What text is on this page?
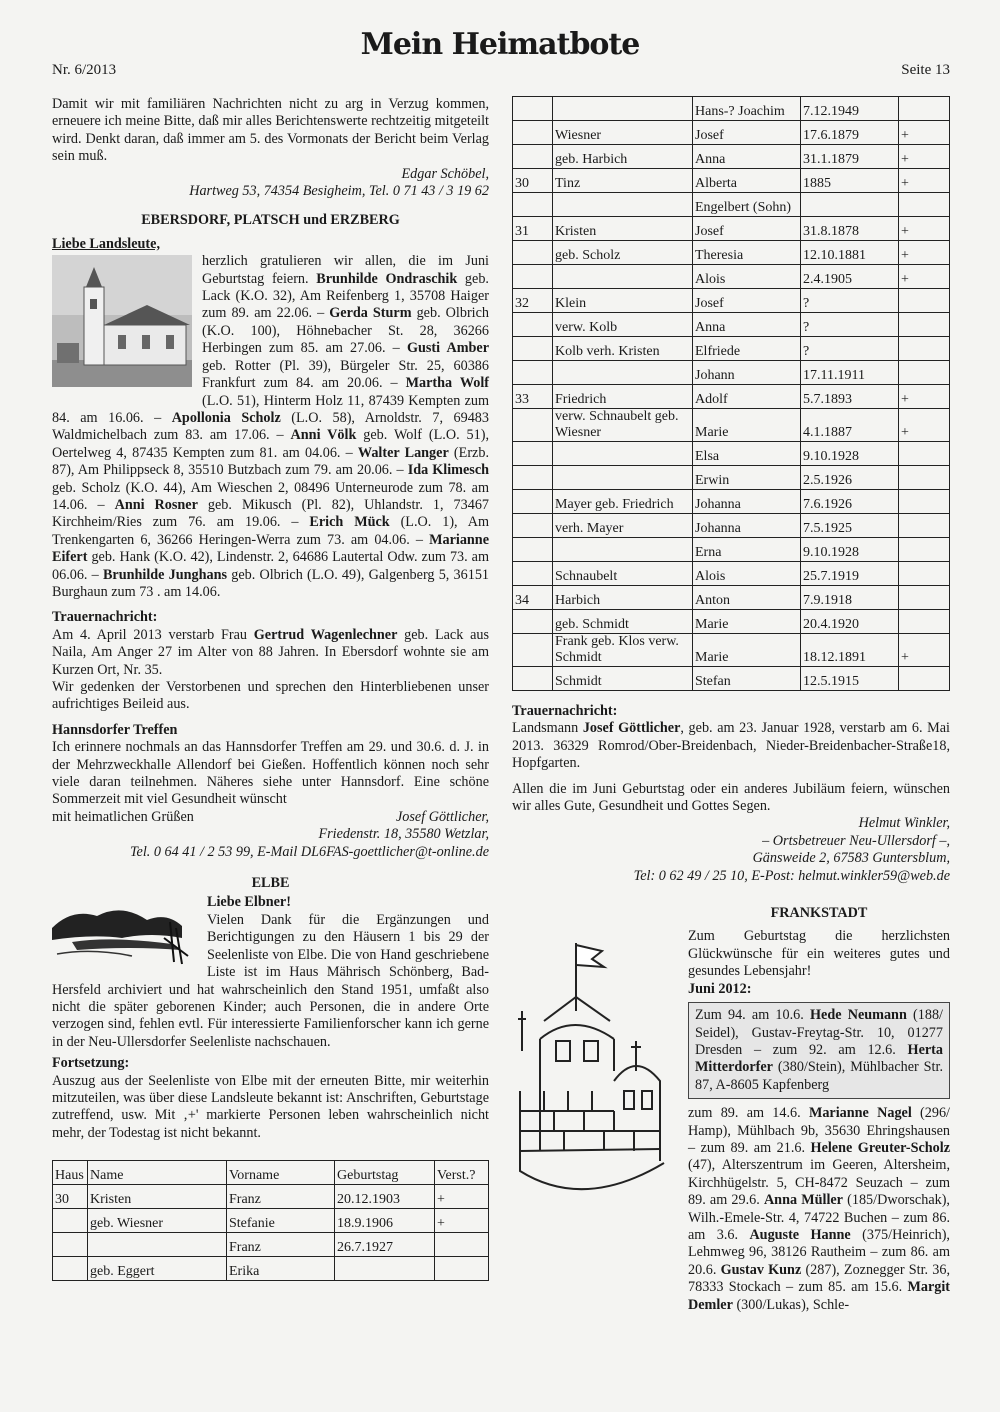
Nr. 6/2013
Mein Heimatbote
Seite 13

Damit wir mit familiären Nachrichten nicht zu arg in Verzug kommen, erneuere ich meine Bitte, daß mir alles Berichtenswerte rechtzeitig mitgeteilt wird. Denkt daran, daß immer am 5. des Vormonats der Bericht beim Verlag sein muß.

Edgar Schöbel,

Hartweg 53, 74354 Besigheim, Tel. 0 71 43 / 3 19 62

EBERSDORF, PLATSCH und ERZBERG

Liebe Landsleute,

herzlich gratulieren wir allen, die im Juni Geburtstag feiern. Brunhilde Ondraschik geb. Lack (K.O. 32), Am Reifenberg 1, 35708 Haiger zum 89. am 22.06. – Gerda Sturm geb. Olbrich (K.O. 100), Höhnebacher St. 28, 36266 Herbingen zum 85. am 27.06. – Gusti Amber geb. Rotter (Pl. 39), Bürgeler Str. 25, 60386 Frankfurt zum 84. am 20.06. – Martha Wolf (L.O. 51), Hinterm Holz 11, 87439 Kempten zum 84. am 16.06. – Apollonia Scholz (L.O. 58), Arnoldstr. 7, 69483 Waldmichelbach zum 83. am 17.06. – Anni Völk geb. Wolf (L.O. 51), Oertelweg 4, 87435 Kempten zum 81. am 04.06. – Walter Langer (Erzb. 87), Am Philippseck 8, 35510 Butzbach zum 79. am 20.06. – Ida Klimesch geb. Scholz (K.O. 44), Am Wieschen 2, 08496 Unterneurode zum 78. am 14.06. – Anni Rosner geb. Mikusch (Pl. 82), Uhlandstr. 1, 73467 Kirchheim/Ries zum 76. am 19.06. – Erich Mück (L.O. 1), Am Trenkengarten 6, 36266 Heringen-Werra zum 73. am 04.06. – Marianne Eifert geb. Hank (K.O. 42), Lindenstr. 2, 64686 Lautertal Odw. zum 73. am 06.06. – Brunhilde Junghans geb. Olbrich (L.O. 49), Galgenberg 5, 36151 Burghaun zum 73 . am 14.06.

Trauernachricht:

Am 4. April 2013 verstarb Frau Gertrud Wagenlechner geb. Lack aus Naila, Am Anger 27 im Alter von 88 Jahren. In Ebersdorf wohnte sie am Kurzen Ort, Nr. 35.

Wir gedenken der Verstorbenen und sprechen den Hinterbliebenen unser aufrichtiges Beileid aus.

Hannsdorfer Treffen

Ich erinnere nochmals an das Hannsdorfer Treffen am 29. und 30.6. d. J. in der Mehrzweckhalle Allendorf bei Gießen. Hoffentlich können noch sehr viele daran teilnehmen. Näheres siehe unter Hannsdorf. Eine schöne Sommerzeit mit viel Gesundheit wünscht

mit heimatlichen Grüßen	Josef Göttlicher,

Friedenstr. 18, 35580 Wetzlar,

Tel. 0 64 41 / 2 53 99, E-Mail DL6FAS-goettlicher@t-online.de

ELBE

Liebe Elbner!

Vielen Dank für die Ergänzungen und Berichtigungen zu den Häusern 1 bis 29 der Seelenliste von Elbe. Die von Hand geschriebene Liste ist im Haus Mährisch Schönberg, Bad-Hersfeld archiviert und hat wahrscheinlich den Stand 1951, umfaßt also nicht die später geborenen Kinder; auch Personen, die in andere Orte verzogen sind, fehlen evtl. Für interessierte Familienforscher kann ich gerne in der Neu-Ullersdorfer Seelenliste nachschauen.

Fortsetzung:

Auszug aus der Seelenliste von Elbe mit der erneuten Bitte, mir weiterhin mitzuteilen, was über diese Landsleute bekannt ist: Anschriften, Geburtstage zutreffend, usw. Mit ‚+' markierte Personen leben wahrscheinlich nicht mehr, der Todestag ist nicht bekannt.

Haus	Name	Vorname	Geburtstag	Verst.?
30	Kristen	Franz	20.12.1903	+
	geb. Wiesner	Stefanie	18.9.1906	+
		Franz	26.7.1927	
	geb. Eggert	Erika		
		Hans-? Joachim	7.12.1949	
	Wiesner	Josef	17.6.1879	+
	geb. Harbich	Anna	31.1.1879	+
30	Tinz	Alberta	1885	+
		Engelbert (Sohn)		
31	Kristen	Josef	31.8.1878	+
	geb. Scholz	Theresia	12.10.1881	+
		Alois	2.4.1905	+
32	Klein	Josef	?	
	verw. Kolb	Anna	?	
	Kolb verh. Kristen	Elfriede	?	
		Johann	17.11.1911	
33	Friedrich	Adolf	5.7.1893	+
	verw. Schnaubelt geb. Wiesner	Marie	4.1.1887	+
		Elsa	9.10.1928	
		Erwin	2.5.1926	
	Mayer geb. Friedrich	Johanna	7.6.1926	
	verh. Mayer	Johanna	7.5.1925	
		Erna	9.10.1928	
	Schnaubelt	Alois	25.7.1919	
34	Harbich	Anton	7.9.1918	
	geb. Schmidt	Marie	20.4.1920	
	Frank geb. Klos verw. Schmidt	Marie	18.12.1891	+
	Schmidt	Stefan	12.5.1915	

Trauernachricht:

Landsmann Josef Göttlicher, geb. am 23. Januar 1928, verstarb am 6. Mai 2013. 36329 Romrod/Ober-Breidenbach, Nieder-Breidenbacher-Straße18, Hopfgarten.

Allen die im Juni Geburtstag oder ein anderes Jubiläum feiern, wünschen wir alles Gute, Gesundheit und Gottes Segen.

Helmut Winkler,

– Ortsbetreuer Neu-Ullersdorf –,

Gänsweide 2, 67583 Guntersblum,

Tel: 0 62 49 / 25 10, E-Post: helmut.winkler59@web.de

FRANKSTADT

Zum Geburtstag die herzlichsten Glückwünsche für ein weiteres gutes und gesundes Lebensjahr!

Juni 2012:

Zum 94. am 10.6. Hede Neumann (188/ Seidel), Gustav-Freytag-Str. 10, 01277 Dresden – zum 92. am 12.6. Herta Mitterdorfer (380/Stein), Mühlbacher Str. 87, A-8605 Kapfenberg

zum 89. am 14.6. Marianne Nagel (296/ Hamp), Mühlbach 9b, 35630 Ehringshausen – zum 89. am 21.6. Helene Greuter-Scholz (47), Alterszentrum im Geeren, Altersheim, Kirchhügelstr. 5, CH-8472 Seuzach – zum 89. am 29.6. Anna Müller (185/Dworschak), Wilh.-Emele-Str. 4, 74722 Buchen – zum 86. am 3.6. Auguste Hanne (375/Heinrich), Lehmweg 96, 38126 Rautheim – zum 86. am 20.6. Gustav Kunz (287), Zoznegger Str. 36, 78333 Stockach – zum 85. am 15.6. Margit Demler (300/Lukas), Schle-
